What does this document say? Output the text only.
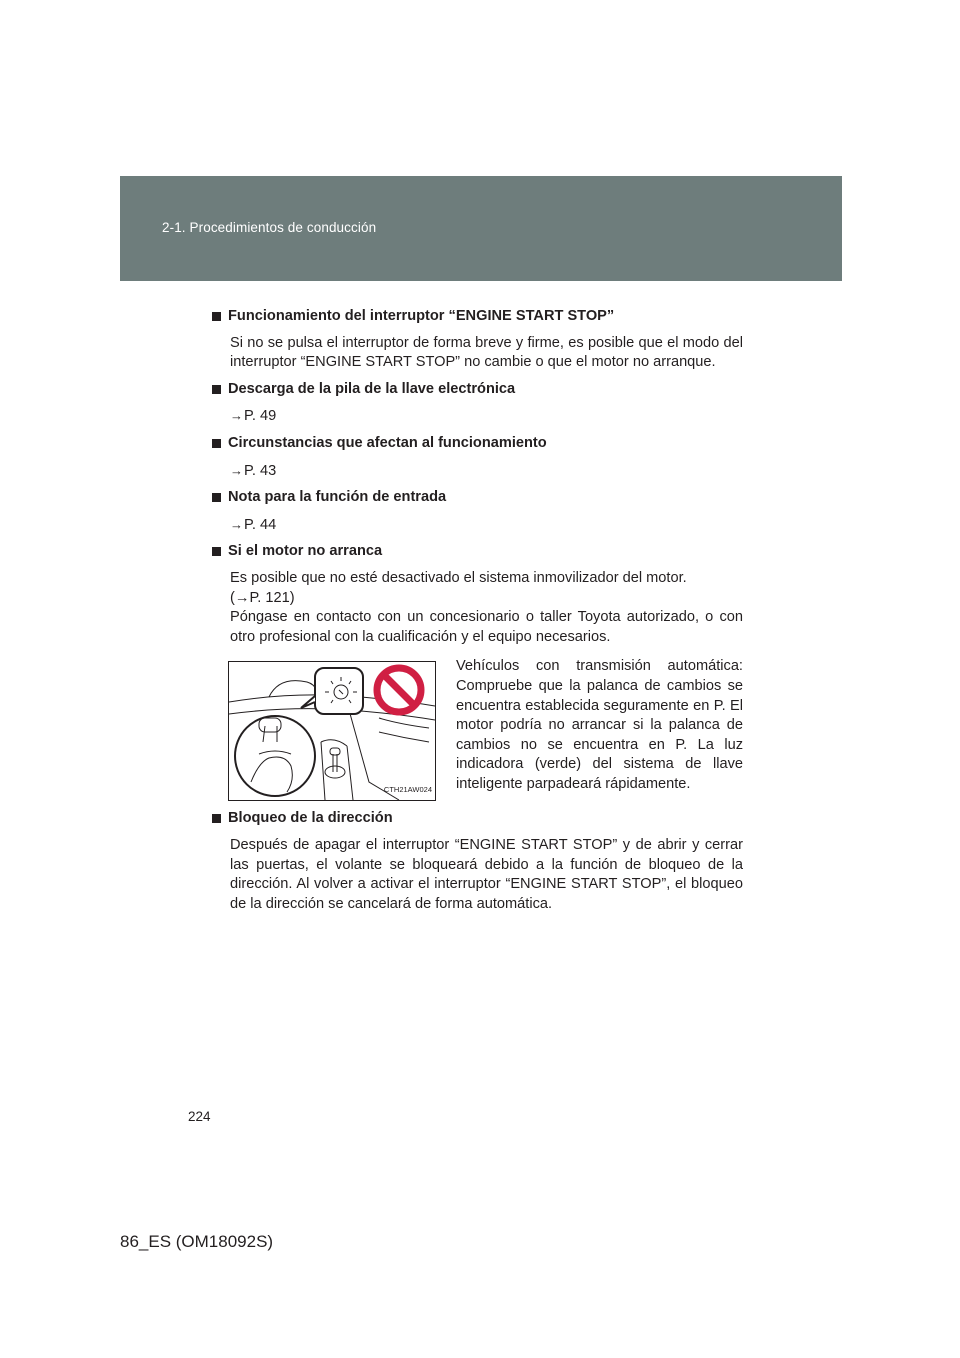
2-1. Procedimientos de conducción
Funcionamiento del interruptor “ENGINE START STOP”
Si no se pulsa el interruptor de forma breve y firme, es posible que el modo del interruptor “ENGINE START STOP” no cambie o que el motor no arranque.
Descarga de la pila de la llave electrónica
→P. 49
Circunstancias que afectan al funcionamiento
→P. 43
Nota para la función de entrada
→P. 44
Si el motor no arranca
Es posible que no esté desactivado el sistema inmovilizador del motor.
(→P. 121)
Póngase en contacto con un concesionario o taller Toyota autorizado, o con otro profesional con la cualificación y el equipo necesarios.
CTH21AW024
Vehículos con transmisión automática: Compruebe que la palanca de cambios se encuentra establecida seguramente en P. El motor podría no arrancar si la palanca de cambios no se encuentra en P. La luz indicadora (verde) del sistema de llave inteligente parpadeará rápidamente.
Bloqueo de la dirección
Después de apagar el interruptor “ENGINE START STOP” y de abrir y cerrar las puertas, el volante se bloqueará debido a la función de bloqueo de la dirección. Al volver a activar el interruptor “ENGINE START STOP”, el bloqueo de la dirección se cancelará de forma automática.
224
86_ES (OM18092S)
